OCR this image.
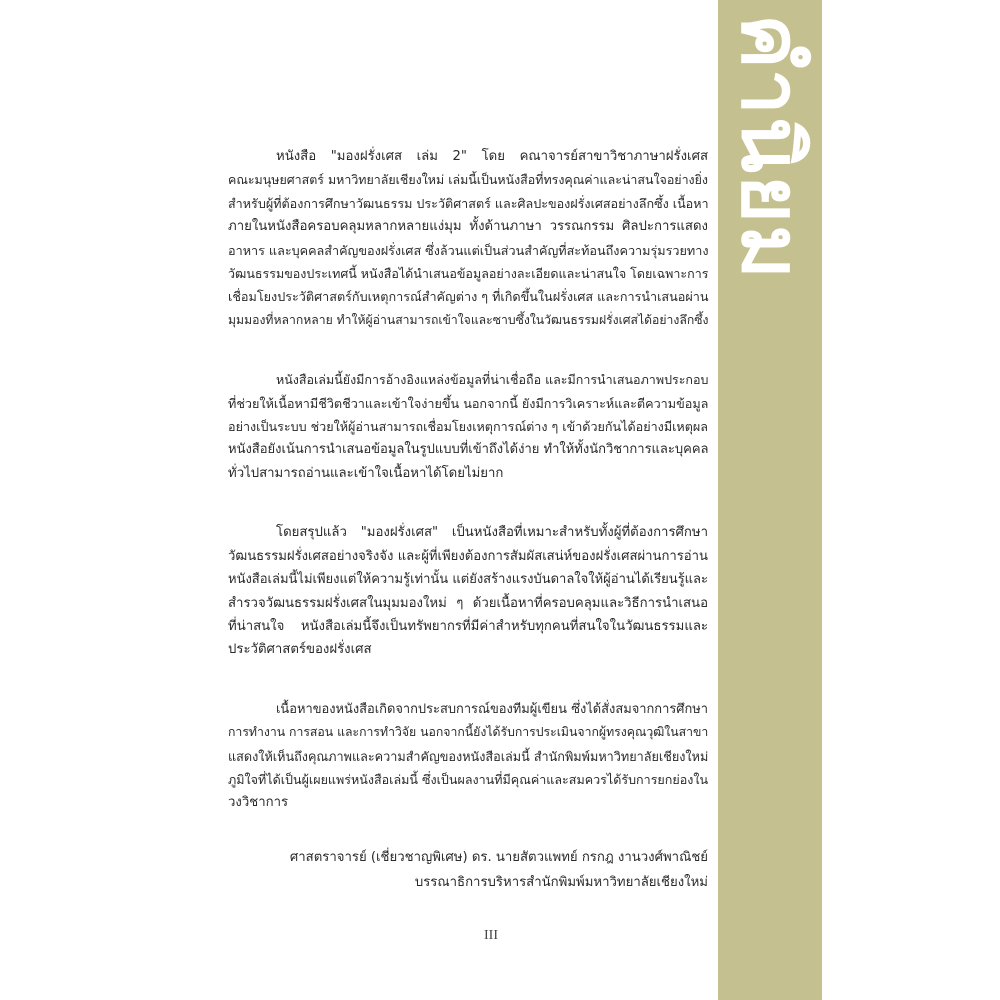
คำนิยม

หนังสือ "มองฝรั่งเศส เล่ม 2" โดย คณาจารย์สาขาวิชาภาษาฝรั่งเศส
คณะมนุษยศาสตร์ มหาวิทยาลัยเชียงใหม่ เล่มนี้เป็นหนังสือที่ทรงคุณค่าและน่าสนใจอย่างยิ่ง
สำหรับผู้ที่ต้องการศึกษาวัฒนธรรม ประวัติศาสตร์ และศิลปะของฝรั่งเศสอย่างลึกซึ้ง เนื้อหา
ภายในหนังสือครอบคลุมหลากหลายแง่มุม ทั้งด้านภาษา วรรณกรรม ศิลปะการแสดง
อาหาร และบุคคลสำคัญของฝรั่งเศส ซึ่งล้วนแต่เป็นส่วนสำคัญที่สะท้อนถึงความรุ่มรวยทาง
วัฒนธรรมของประเทศนี้ หนังสือได้นำเสนอข้อมูลอย่างละเอียดและน่าสนใจ โดยเฉพาะการ
เชื่อมโยงประวัติศาสตร์กับเหตุการณ์สำคัญต่าง ๆ ที่เกิดขึ้นในฝรั่งเศส และการนำเสนอผ่าน
มุมมองที่หลากหลาย ทำให้ผู้อ่านสามารถเข้าใจและซาบซึ้งในวัฒนธรรมฝรั่งเศสได้อย่างลึกซึ้ง

หนังสือเล่มนี้ยังมีการอ้างอิงแหล่งข้อมูลที่น่าเชื่อถือ และมีการนำเสนอภาพประกอบ
ที่ช่วยให้เนื้อหามีชีวิตชีวาและเข้าใจง่ายขึ้น นอกจากนี้ ยังมีการวิเคราะห์และตีความข้อมูล
อย่างเป็นระบบ ช่วยให้ผู้อ่านสามารถเชื่อมโยงเหตุการณ์ต่าง ๆ เข้าด้วยกันได้อย่างมีเหตุผล
หนังสือยังเน้นการนำเสนอข้อมูลในรูปแบบที่เข้าถึงได้ง่าย ทำให้ทั้งนักวิชาการและบุคคล
ทั่วไปสามารถอ่านและเข้าใจเนื้อหาได้โดยไม่ยาก

โดยสรุปแล้ว "มองฝรั่งเศส" เป็นหนังสือที่เหมาะสำหรับทั้งผู้ที่ต้องการศึกษา
วัฒนธรรมฝรั่งเศสอย่างจริงจัง และผู้ที่เพียงต้องการสัมผัสเสน่ห์ของฝรั่งเศสผ่านการอ่าน
หนังสือเล่มนี้ไม่เพียงแต่ให้ความรู้เท่านั้น แต่ยังสร้างแรงบันดาลใจให้ผู้อ่านได้เรียนรู้และ
สำรวจวัฒนธรรมฝรั่งเศสในมุมมองใหม่ ๆ ด้วยเนื้อหาที่ครอบคลุมและวิธีการนำเสนอ
ที่น่าสนใจ หนังสือเล่มนี้จึงเป็นทรัพยากรที่มีค่าสำหรับทุกคนที่สนใจในวัฒนธรรมและ
ประวัติศาสตร์ของฝรั่งเศส

เนื้อหาของหนังสือเกิดจากประสบการณ์ของทีมผู้เขียน ซึ่งได้สั่งสมจากการศึกษา
การทำงาน การสอน และการทำวิจัย นอกจากนี้ยังได้รับการประเมินจากผู้ทรงคุณวุฒิในสาขา
แสดงให้เห็นถึงคุณภาพและความสำคัญของหนังสือเล่มนี้ สำนักพิมพ์มหาวิทยาลัยเชียงใหม่
ภูมิใจที่ได้เป็นผู้เผยแพร่หนังสือเล่มนี้ ซึ่งเป็นผลงานที่มีคุณค่าและสมควรได้รับการยกย่องใน
วงวิชาการ

ศาสตราจารย์ (เชี่ยวชาญพิเศษ) ดร. นายสัตวแพทย์ กรกฎ งานวงศ์พาณิชย์
บรรณาธิการบริหารสำนักพิมพ์มหาวิทยาลัยเชียงใหม่
III
